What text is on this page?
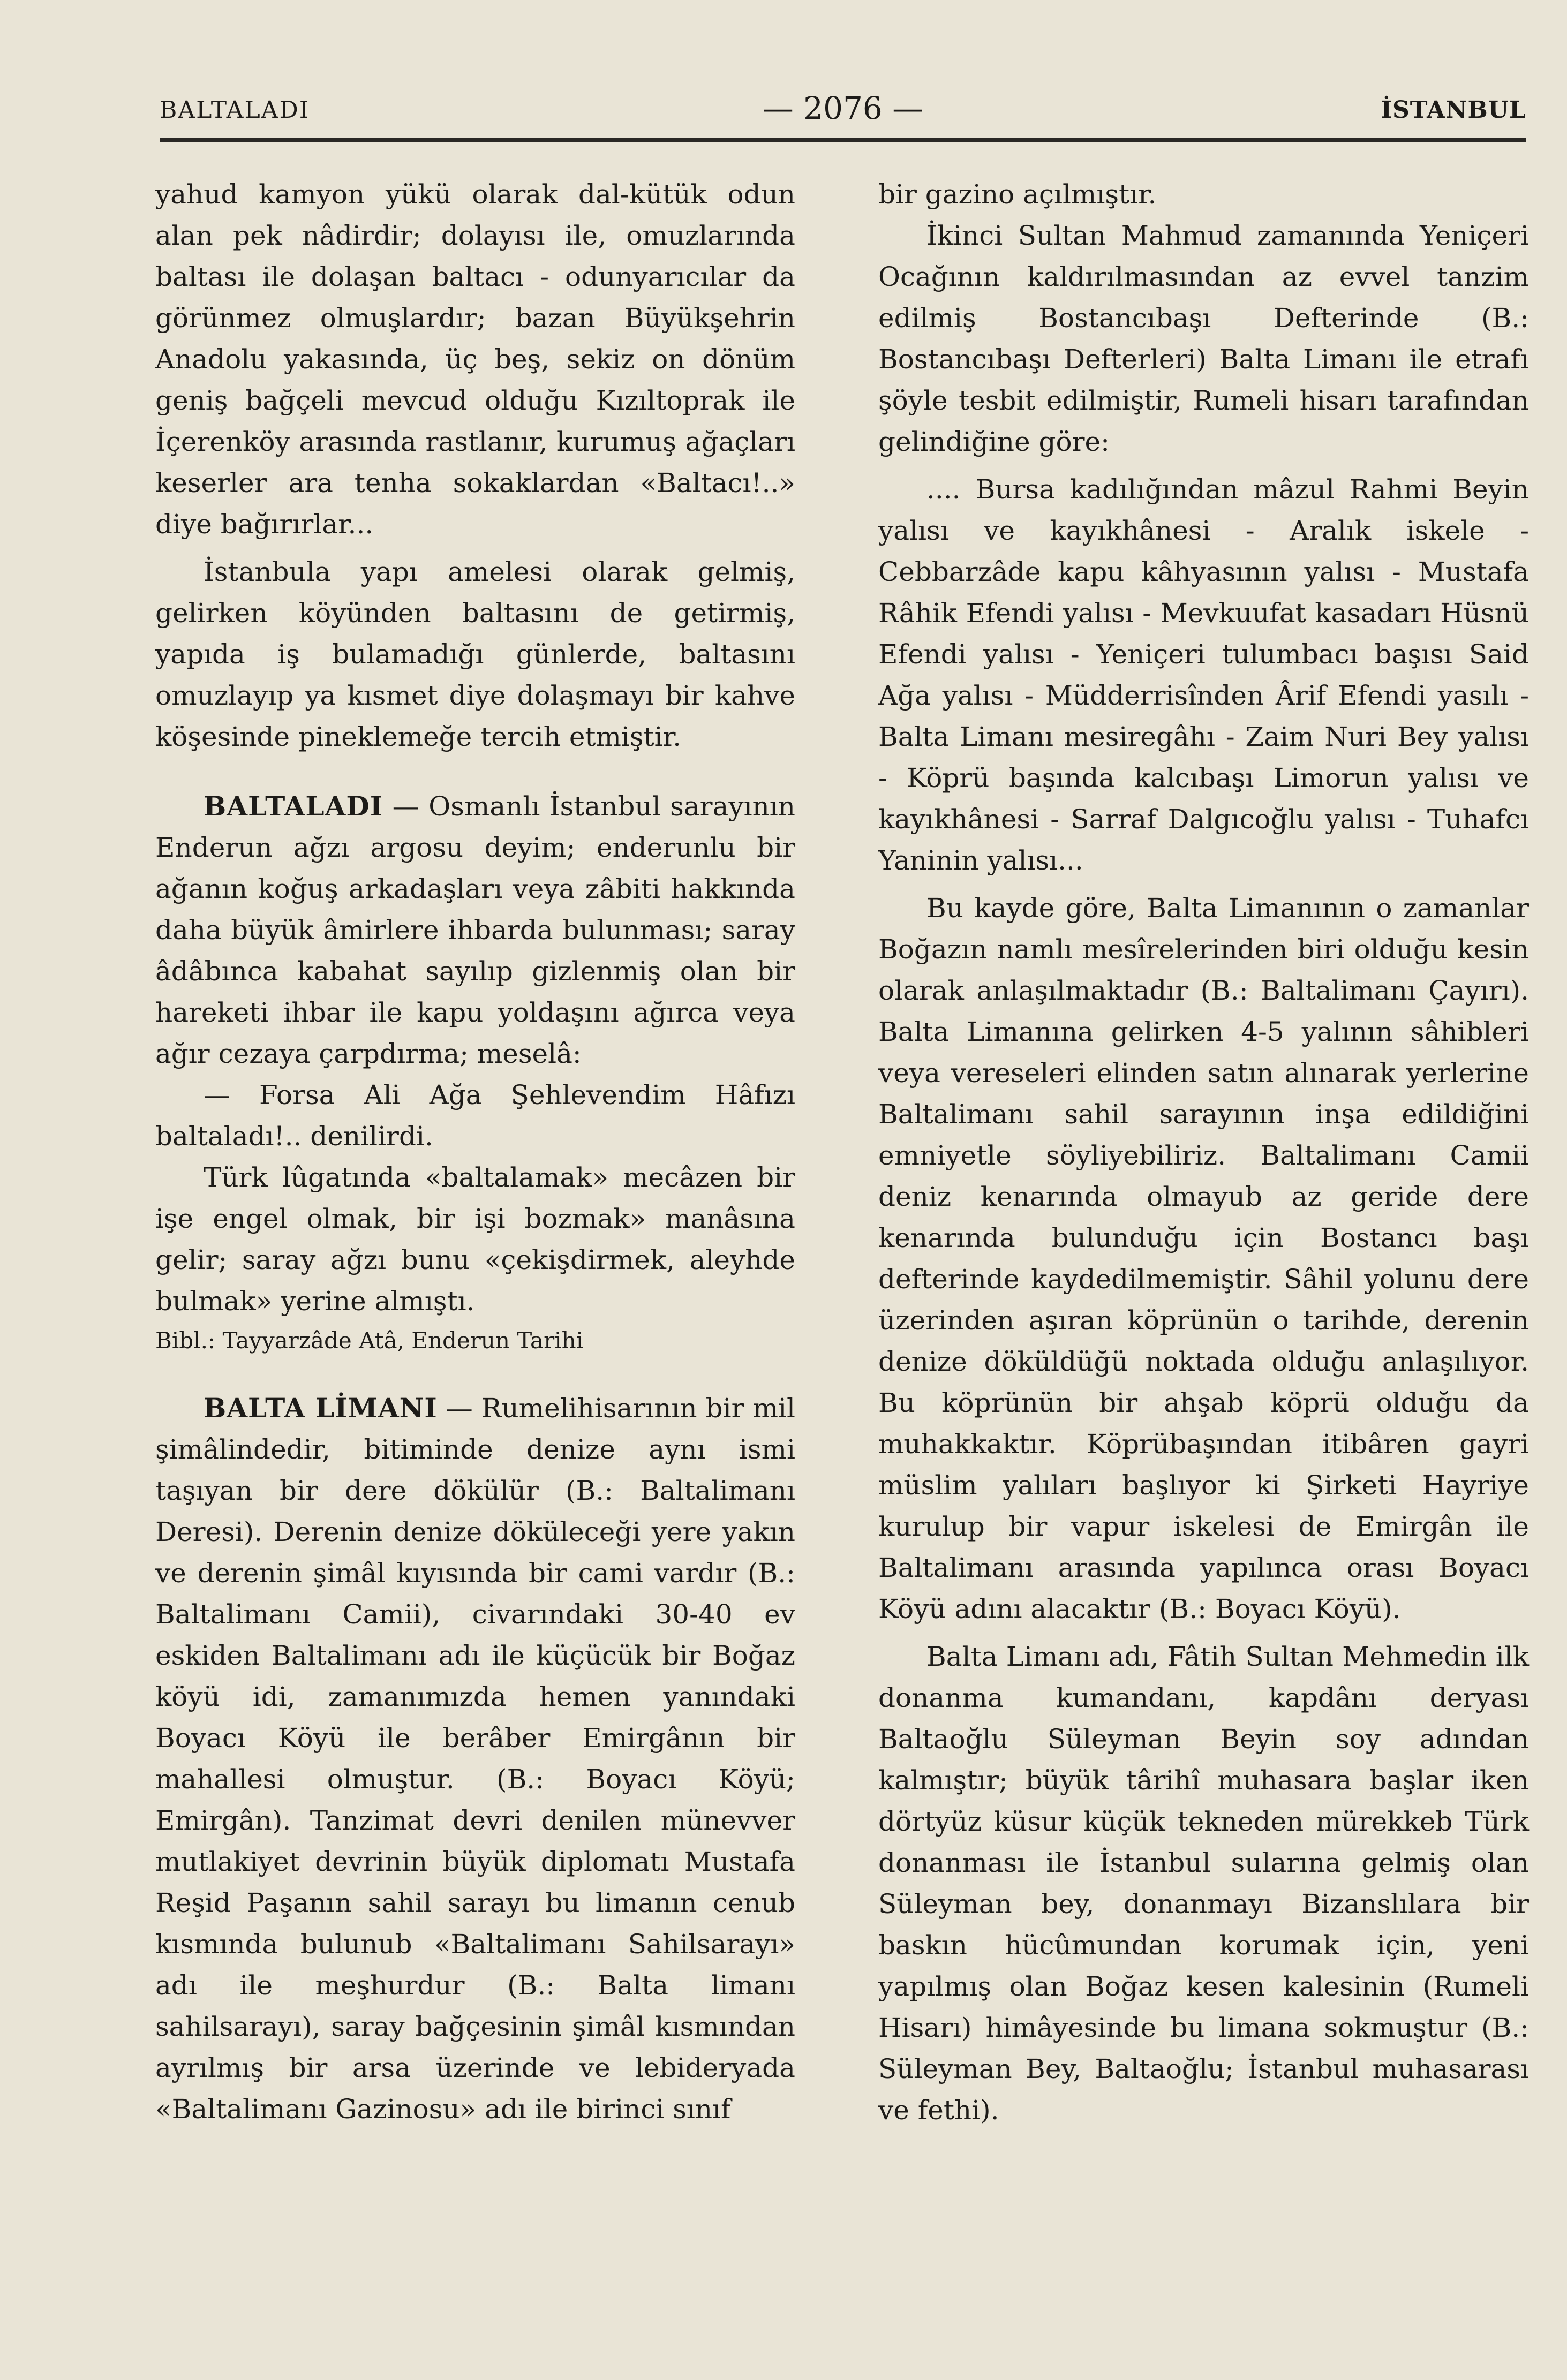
BALTALADI	— 2076 —	İSTANBUL

yahud kamyon yükü olarak dal-kütük odun alan pek nâdirdir; dolayısı ile, omuzlarında baltası ile dolaşan baltacı - odunyarıcılar da görünmez olmuşlardır; bazan Büyükşehrin Anadolu yakasında, üç beş, sekiz on dönüm geniş bağçeli mevcud olduğu Kızıltoprak ile İçerenköy arasında rastlanır, kurumuş ağaçları keserler ara tenha sokaklardan «Baltacı!..» diye bağırırlar...

İstanbula yapı amelesi olarak gelmiş, gelirken köyünden baltasını de getirmiş, yapıda iş bulamadığı günlerde, baltasını omuzlayıp ya kısmet diye dolaşmayı bir kahve köşesinde pineklemeğe tercih etmiştir.

BALTALADI — Osmanlı İstanbul sarayının Enderun ağzı argosu deyim; enderunlu bir ağanın koğuş arkadaşları veya zâbiti hakkında daha büyük âmirlere ihbarda bulunması; saray âdâbınca kabahat sayılıp gizlenmiş olan bir hareketi ihbar ile kapu yoldaşını ağırca veya ağır cezaya çarpdırma; meselâ:

— Forsa Ali Ağa Şehlevendim Hâfızı baltaladı!.. denilirdi.

Türk lûgatında «baltalamak» mecâzen bir işe engel olmak, bir işi bozmak» manâsına gelir; saray ağzı bunu «çekişdirmek, aleyhde bulmak» yerine almıştı.

Bibl.: Tayyarzâde Atâ, Enderun Tarihi

BALTA LİMANI — Rumelihisarının bir mil şimâlindedir, bitiminde denize aynı ismi taşıyan bir dere dökülür (B.: Baltalimanı Deresi). Derenin denize döküleceği yere yakın ve derenin şimâl kıyısında bir cami vardır (B.: Baltalimanı Camii), civarındaki 30-40 ev eskiden Baltalimanı adı ile küçücük bir Boğaz köyü idi, zamanımızda hemen yanındaki Boyacı Köyü ile berâber Emirgânın bir mahallesi olmuştur. (B.: Boyacı Köyü; Emirgân). Tanzimat devri denilen münevver mutlakiyet devrinin büyük diplomatı Mustafa Reşid Paşanın sahil sarayı bu limanın cenub kısmında bulunub «Baltalimanı Sahilsarayı» adı ile meşhurdur (B.: Balta limanı sahilsarayı), saray bağçesinin şimâl kısmından ayrılmış bir arsa üzerinde ve lebideryada «Baltalimanı Gazinosu» adı ile birinci sınıf

bir gazino açılmıştır.

İkinci Sultan Mahmud zamanında Yeniçeri Ocağının kaldırılmasından az evvel tanzim edilmiş Bostancıbaşı Defterinde (B.: Bostancıbaşı Defterleri) Balta Limanı ile etrafı şöyle tesbit edilmiştir, Rumeli hisarı tarafından gelindiğine göre:

.... Bursa kadılığından mâzul Rahmi Beyin yalısı ve kayıkhânesi - Aralık iskele - Cebbarzâde kapu kâhyasının yalısı - Mustafa Râhik Efendi yalısı - Mevkuufat kasadarı Hüsnü Efendi yalısı - Yeniçeri tulumbacı başısı Said Ağa yalısı - Müdderrisînden Ârif Efendi yasılı - Balta Limanı mesiregâhı - Zaim Nuri Bey yalısı - Köprü başında kalcıbaşı Limorun yalısı ve kayıkhânesi - Sarraf Dalgıcoğlu yalısı - Tuhafcı Yaninin yalısı...

Bu kayde göre, Balta Limanının o zamanlar Boğazın namlı mesîrelerinden biri olduğu kesin olarak anlaşılmaktadır (B.: Baltalimanı Çayırı). Balta Limanına gelirken 4-5 yalının sâhibleri veya vereseleri elinden satın alınarak yerlerine Baltalimanı sahil sarayının inşa edildiğini emniyetle söyliyebiliriz. Baltalimanı Camii deniz kenarında olmayub az geride dere kenarında bulunduğu için Bostancı başı defterinde kaydedilmemiştir. Sâhil yolunu dere üzerinden aşıran köprünün o tarihde, derenin denize döküldüğü noktada olduğu anlaşılıyor. Bu köprünün bir ahşab köprü olduğu da muhakkaktır. Köprübaşından itibâren gayri müslim yalıları başlıyor ki Şirketi Hayriye kurulup bir vapur iskelesi de Emirgân ile Baltalimanı arasında yapılınca orası Boyacı Köyü adını alacaktır (B.: Boyacı Köyü).

Balta Limanı adı, Fâtih Sultan Mehmedin ilk donanma kumandanı, kapdânı deryası Baltaoğlu Süleyman Beyin soy adından kalmıştır; büyük târihî muhasara başlar iken dörtyüz küsur küçük tekneden mürekkeb Türk donanması ile İstanbul sularına gelmiş olan Süleyman bey, donanmayı Bizanslılara bir baskın hücûmundan korumak için, yeni yapılmış olan Boğaz kesen kalesinin (Rumeli Hisarı) himâyesinde bu limana sokmuştur (B.: Süleyman Bey, Baltaoğlu; İstanbul muhasarası ve fethi).
